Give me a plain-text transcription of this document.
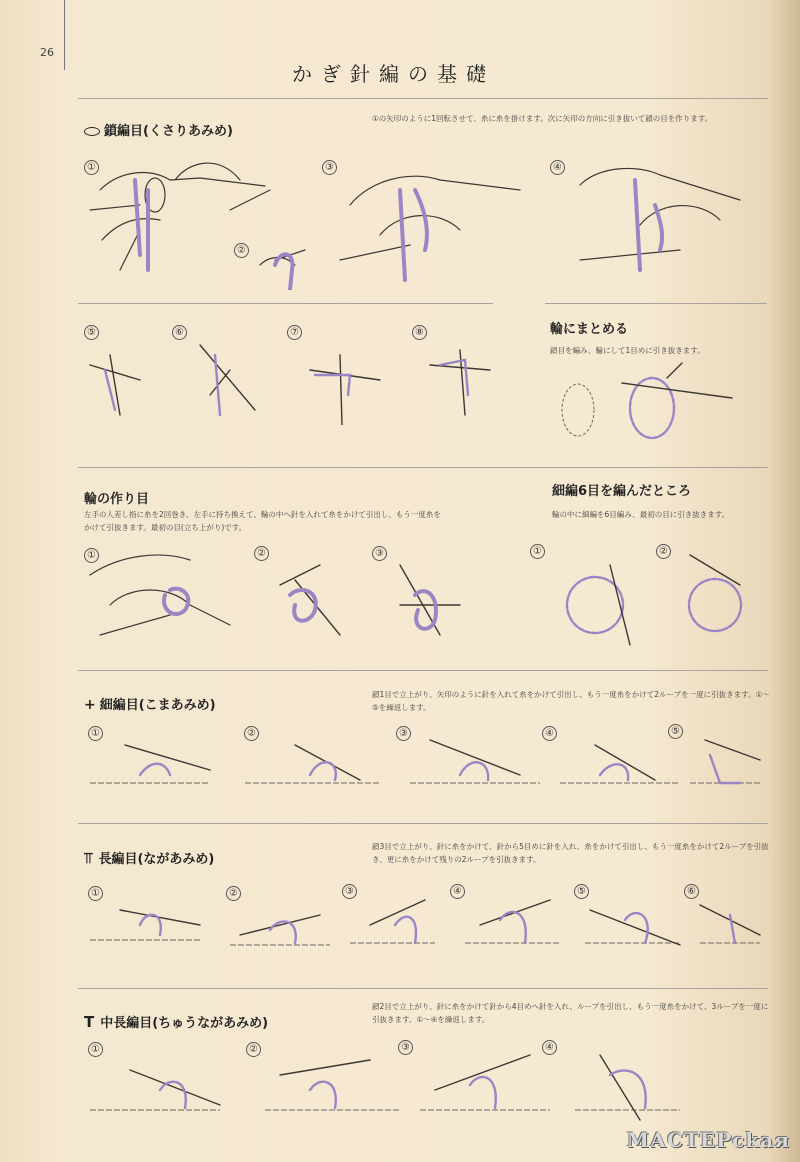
26
かぎ針編の基礎
鎖編目(くさりあみめ)
①の矢印のように1回転させて、糸に糸を掛けます。次に矢印の方向に引き抜いて鎖の目を作ります。
①
②
③	④
⑤	⑥	⑦	⑧	輪にまとめる
鎖目を編み、輪にして1目めに引き抜きます。
輪の作り目
左手の人差し指に糸を2回巻き、左手に持ち換えて、輪の中へ針を入れて糸をかけて引出し、もう一度糸をかけて引抜きます。最初の目(立ち上がり)です。
①	②	③
細編6目を編んだところ
輪の中に細編を6目編み、最初の目に引き抜きます。
①	②
+ 細編目(こまあみめ)
鎖1目で立上がり、矢印のように針を入れて糸をかけて引出し、もう一度糸をかけて2ループを一度に引抜きます。①〜⑤を繰返します。
①	②	③	④	⑤
⫪ 長編目(ながあみめ)
鎖3目で立上がり、針に糸をかけて、針から5目めに針を入れ、糸をかけて引出し、もう一度糸をかけて2ループを引抜き、更に糸をかけて残りの2ループを引抜きます。
①	②	③	④	⑤	⑥
T 中長編目(ちゅうながあみめ)
鎖2目で立上がり、針に糸をかけて針から4目めへ針を入れ、ループを引出し、もう一度糸をかけて、3ループを一度に引抜きます。①〜④を繰返します。
①	②	③	④
МАСТЕРсkая
